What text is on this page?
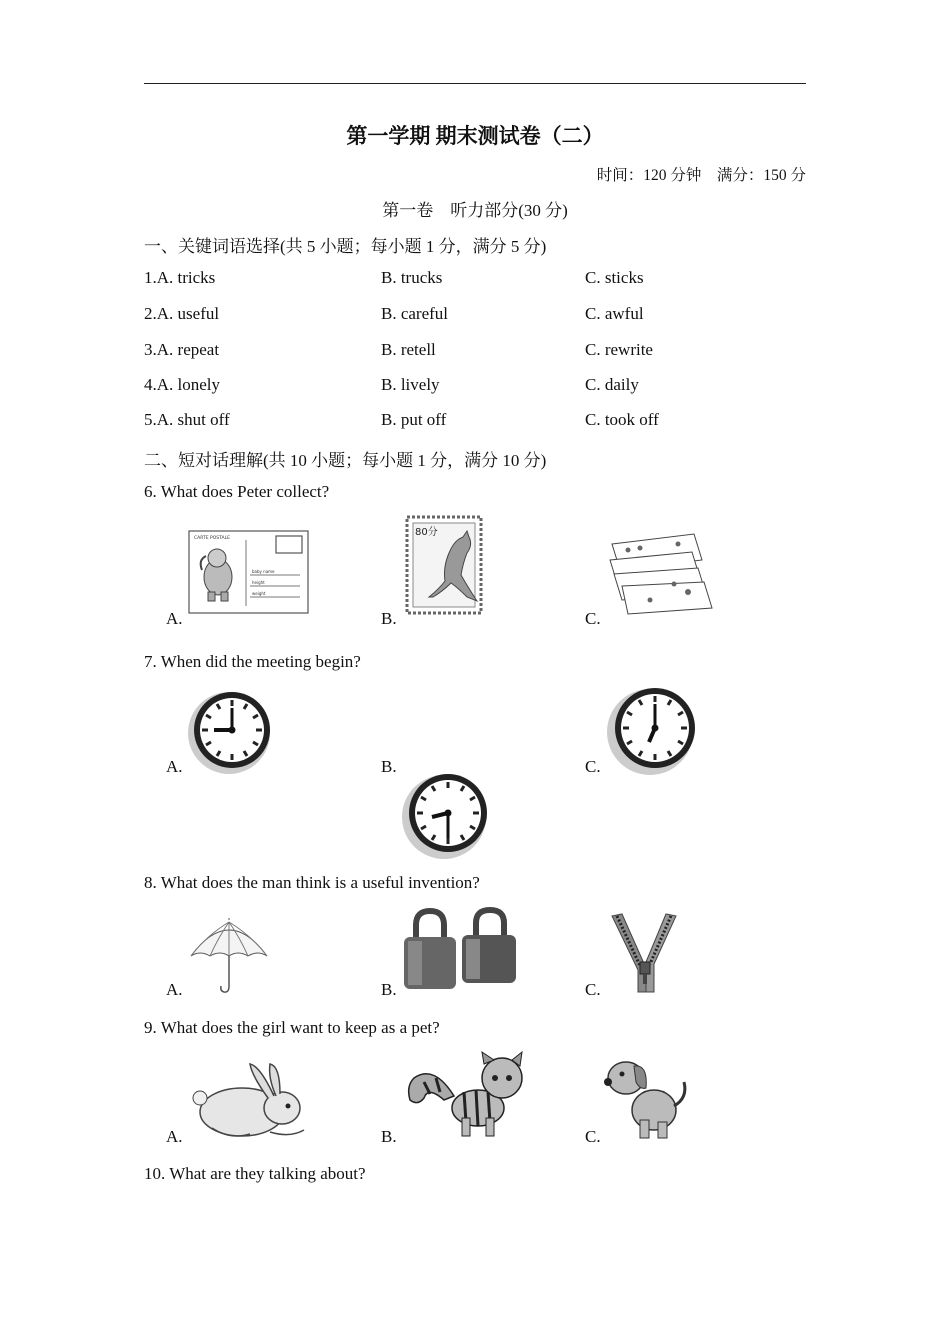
第一学期 期末测试卷（二）
时间：120 分钟　满分：150 分
第一卷　听力部分(30 分)
一、关键词语选择(共 5 小题；每小题 1 分，满分 5 分)
1.A. tricks	B. trucks	C. sticks
2.A. useful	B. careful	C. awful
3.A. repeat	B. retell	C. rewrite
4.A. lonely	B. lively	C. daily
5.A. shut off	B. put off	C. took off
二、短对话理解(共 10 小题；每小题 1 分，满分 10 分)
6. What does Peter collect?
CARTE POSTALE
baby name
height
weight
80分
A.	B.	C.
7. When did the meeting begin?
A.	B.	C.
8. What does the man think is a useful invention?
A.	B.	C.
9. What does the girl want to keep as a pet?
A.	B.	C.
10. What are they talking about?
